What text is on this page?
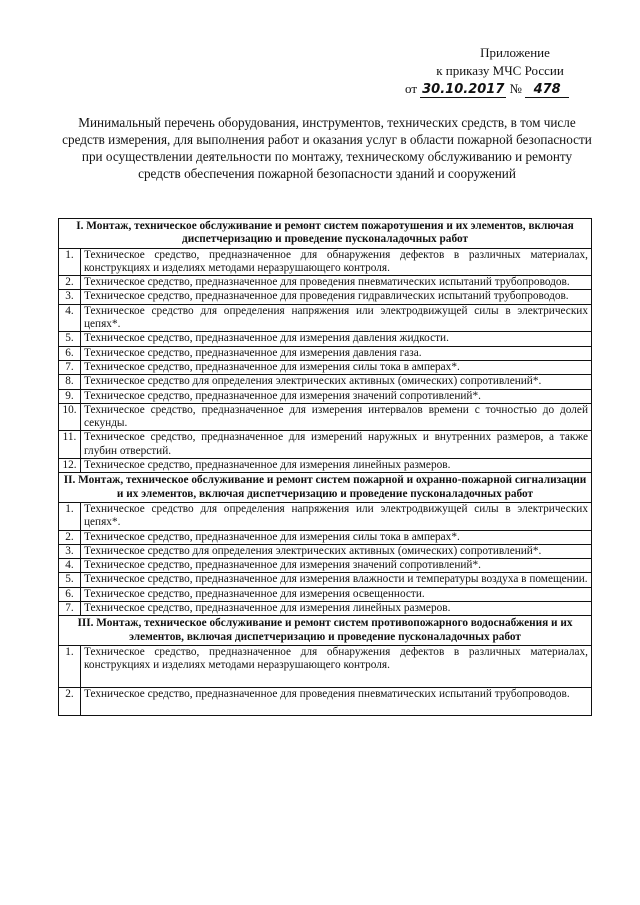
Приложение
к приказу МЧС России
от 30.10.2017 № 478
Минимальный перечень оборудования, инструментов, технических средств, в том числе средств измерения, для выполнения работ и оказания услуг в области пожарной безопасности при осуществлении деятельности по монтажу, техническому обслуживанию и ремонту средств обеспечения пожарной безопасности зданий и сооружений
I. Монтаж, техническое обслуживание и ремонт систем пожаротушения и их элементов, включая диспетчеризацию и проведение пусконаладочных работ	
1.	Техническое средство, предназначенное для обнаружения дефектов в различных материалах, конструкциях и изделиях методами неразрушающего контроля.
2.	Техническое средство, предназначенное для проведения пневматических испытаний трубопроводов.
3.	Техническое средство, предназначенное для проведения гидравлических испытаний трубопроводов.
4.	Техническое средство для определения напряжения или электродвижущей силы в электрических цепях*.
5.	Техническое средство, предназначенное для измерения давления жидкости.
6.	Техническое средство, предназначенное для измерения давления газа.
7.	Техническое средство, предназначенное для измерения силы тока в амперах*.
8.	Техническое средство для определения электрических активных (омических) сопротивлений*.
9.	Техническое средство, предназначенное для измерения значений сопротивлений*.
10.	Техническое средство, предназначенное для измерения интервалов времени с точностью до долей секунды.
11.	Техническое средство, предназначенное для измерений наружных и внутренних размеров, а также глубин отверстий.
12.	Техническое средство, предназначенное для измерения линейных размеров.
II. Монтаж, техническое обслуживание и ремонт систем пожарной и охранно-пожарной сигнализации и их элементов, включая диспетчеризацию и проведение пусконаладочных работ	
1.	Техническое средство для определения напряжения или электродвижущей силы в электрических цепях*.
2.	Техническое средство, предназначенное для измерения силы тока в амперах*.
3.	Техническое средство для определения электрических активных (омических) сопротивлений*.
4.	Техническое средство, предназначенное для измерения значений сопротивлений*.
5.	Техническое средство, предназначенное для измерения влажности и температуры воздуха в помещении.
6.	Техническое средство, предназначенное для измерения освещенности.
7.	Техническое средство, предназначенное для измерения линейных размеров.
III. Монтаж, техническое обслуживание и ремонт систем противопожарного водоснабжения и их элементов, включая диспетчеризацию и проведение пусконаладочных работ	
1.	Техническое средство, предназначенное для обнаружения дефектов в различных материалах, конструкциях и изделиях методами неразрушающего контроля.
2.	Техническое средство, предназначенное для проведения пневматических испытаний трубопроводов.
